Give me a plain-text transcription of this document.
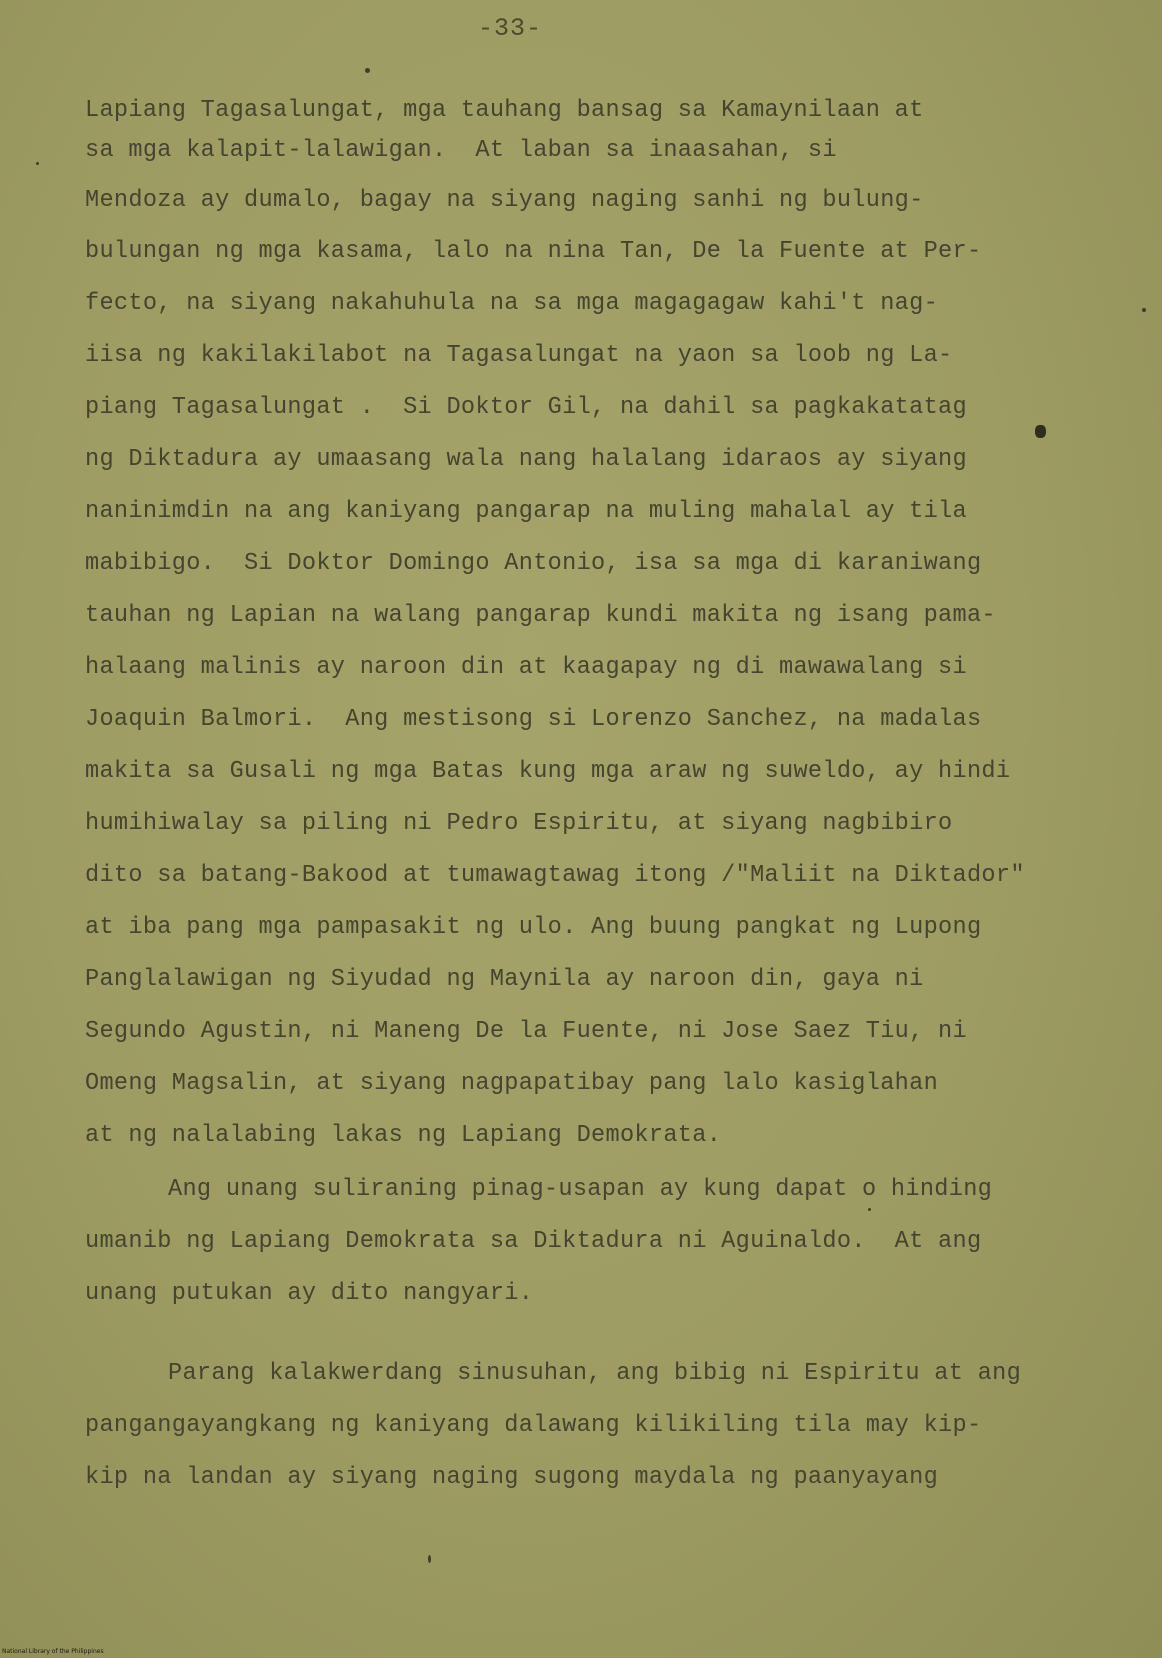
-33-

Lapiang Tagasalungat, mga tauhang bansag sa Kamaynilaan at

sa mga kalapit-lalawigan.  At laban sa inaasahan, si

Mendoza ay dumalo, bagay na siyang naging sanhi ng bulung-

bulungan ng mga kasama, lalo na nina Tan, De la Fuente at Per-

fecto, na siyang nakahuhula na sa mga magagagaw kahi't nag-

iisa ng kakilakilabot na Tagasalungat na yaon sa loob ng La-

piang Tagasalungat .  Si Doktor Gil, na dahil sa pagkakatatag

ng Diktadura ay umaasang wala nang halalang idaraos ay siyang

naninimdin na ang kaniyang pangarap na muling mahalal ay tila

mabibigo.  Si Doktor Domingo Antonio, isa sa mga di karaniwang

tauhan ng Lapian na walang pangarap kundi makita ng isang pama-

halaang malinis ay naroon din at kaagapay ng di mawawalang si

Joaquin Balmori.  Ang mestisong si Lorenzo Sanchez, na madalas

makita sa Gusali ng mga Batas kung mga araw ng suweldo, ay hindi

humihiwalay sa piling ni Pedro Espiritu, at siyang nagbibiro

dito sa batang-Bakood at tumawagtawag itong /"Maliit na Diktador"

at iba pang mga pampasakit ng ulo. Ang buung pangkat ng Lupong

Panglalawigan ng Siyudad ng Maynila ay naroon din, gaya ni

Segundo Agustin, ni Maneng De la Fuente, ni Jose Saez Tiu, ni

Omeng Magsalin, at siyang nagpapatibay pang lalo kasiglahan

at ng nalalabing lakas ng Lapiang Demokrata.

Ang unang suliraning pinag-usapan ay kung dapat o hinding

umanib ng Lapiang Demokrata sa Diktadura ni Aguinaldo.  At ang

unang putukan ay dito nangyari.

Parang kalakwerdang sinusuhan, ang bibig ni Espiritu at ang

pangangayangkang ng kaniyang dalawang kilikiling tila may kip-

kip na landan ay siyang naging sugong maydala ng paanyayang

National Library of the Philippines
